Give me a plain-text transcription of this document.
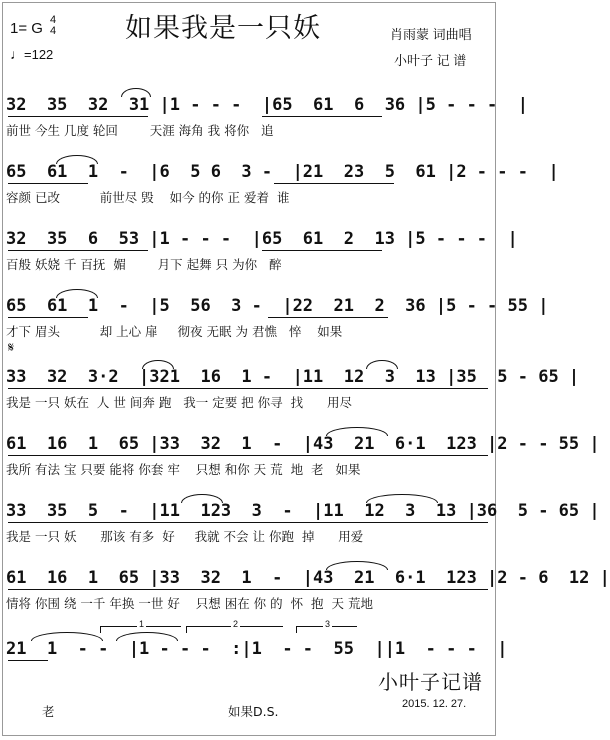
如果我是一只妖
1= G 4
4
♩=122
肖雨蒙 词曲唱
小叶子 记 谱
32  35  32  31 |1 - - -  |65  61  6  36 |5 - - -  |
前世 今生 几度 轮回        天涯 海角 我 将你   追
65  61  1  -  |6  5 6  3 -  |21  23  5  61 |2 - - -  |
容颜 已改          前世尽 毁    如今 的你 正 爱着  谁
32  35  6  53 |1 - - -  |65  61  2  13 |5 - - -  |
百般 妖娆 千 百抚  媚        月下 起舞 只 为你   醉
65  61  1  -  |5  56  3 -  |22  21  2  36 |5 - - 55 |
才下 眉头          却 上心 扉     彻夜 无眠 为 君憔   悴    如果
𝄋
33  32  3·2  |321  16  1 -  |11  12  3  13 |35  5 - 65 |
我是 一只 妖在  人 世 间奔 跑   我一 定要 把 你寻  找      用尽
61  16  1  65 |33  32  1  -  |43  21  6·1  123 |2 - - 55 |
我所 有法 宝 只要 能将 你套 牢    只想 和你 天 荒  地  老   如果
33  35  5  -  |11  123  3  -  |11  12  3  13 |36  5 - 65 |
我是 一只 妖      那该 有多  好     我就 不会 让 你跑  掉      用爱
61  16  1  65 |33  32  1  -  |43  21  6·1  123 |2 - 6  12 |
情将 你围 绕 一千 年换 一世 好    只想 困在 你 的  怀  抱  天 荒地
21  1  - -  |1 - - -  :|1  - -  55  ||1  - - -  |
1	2	3
老	如果D.S.
小叶子记谱
2015. 12. 27.
